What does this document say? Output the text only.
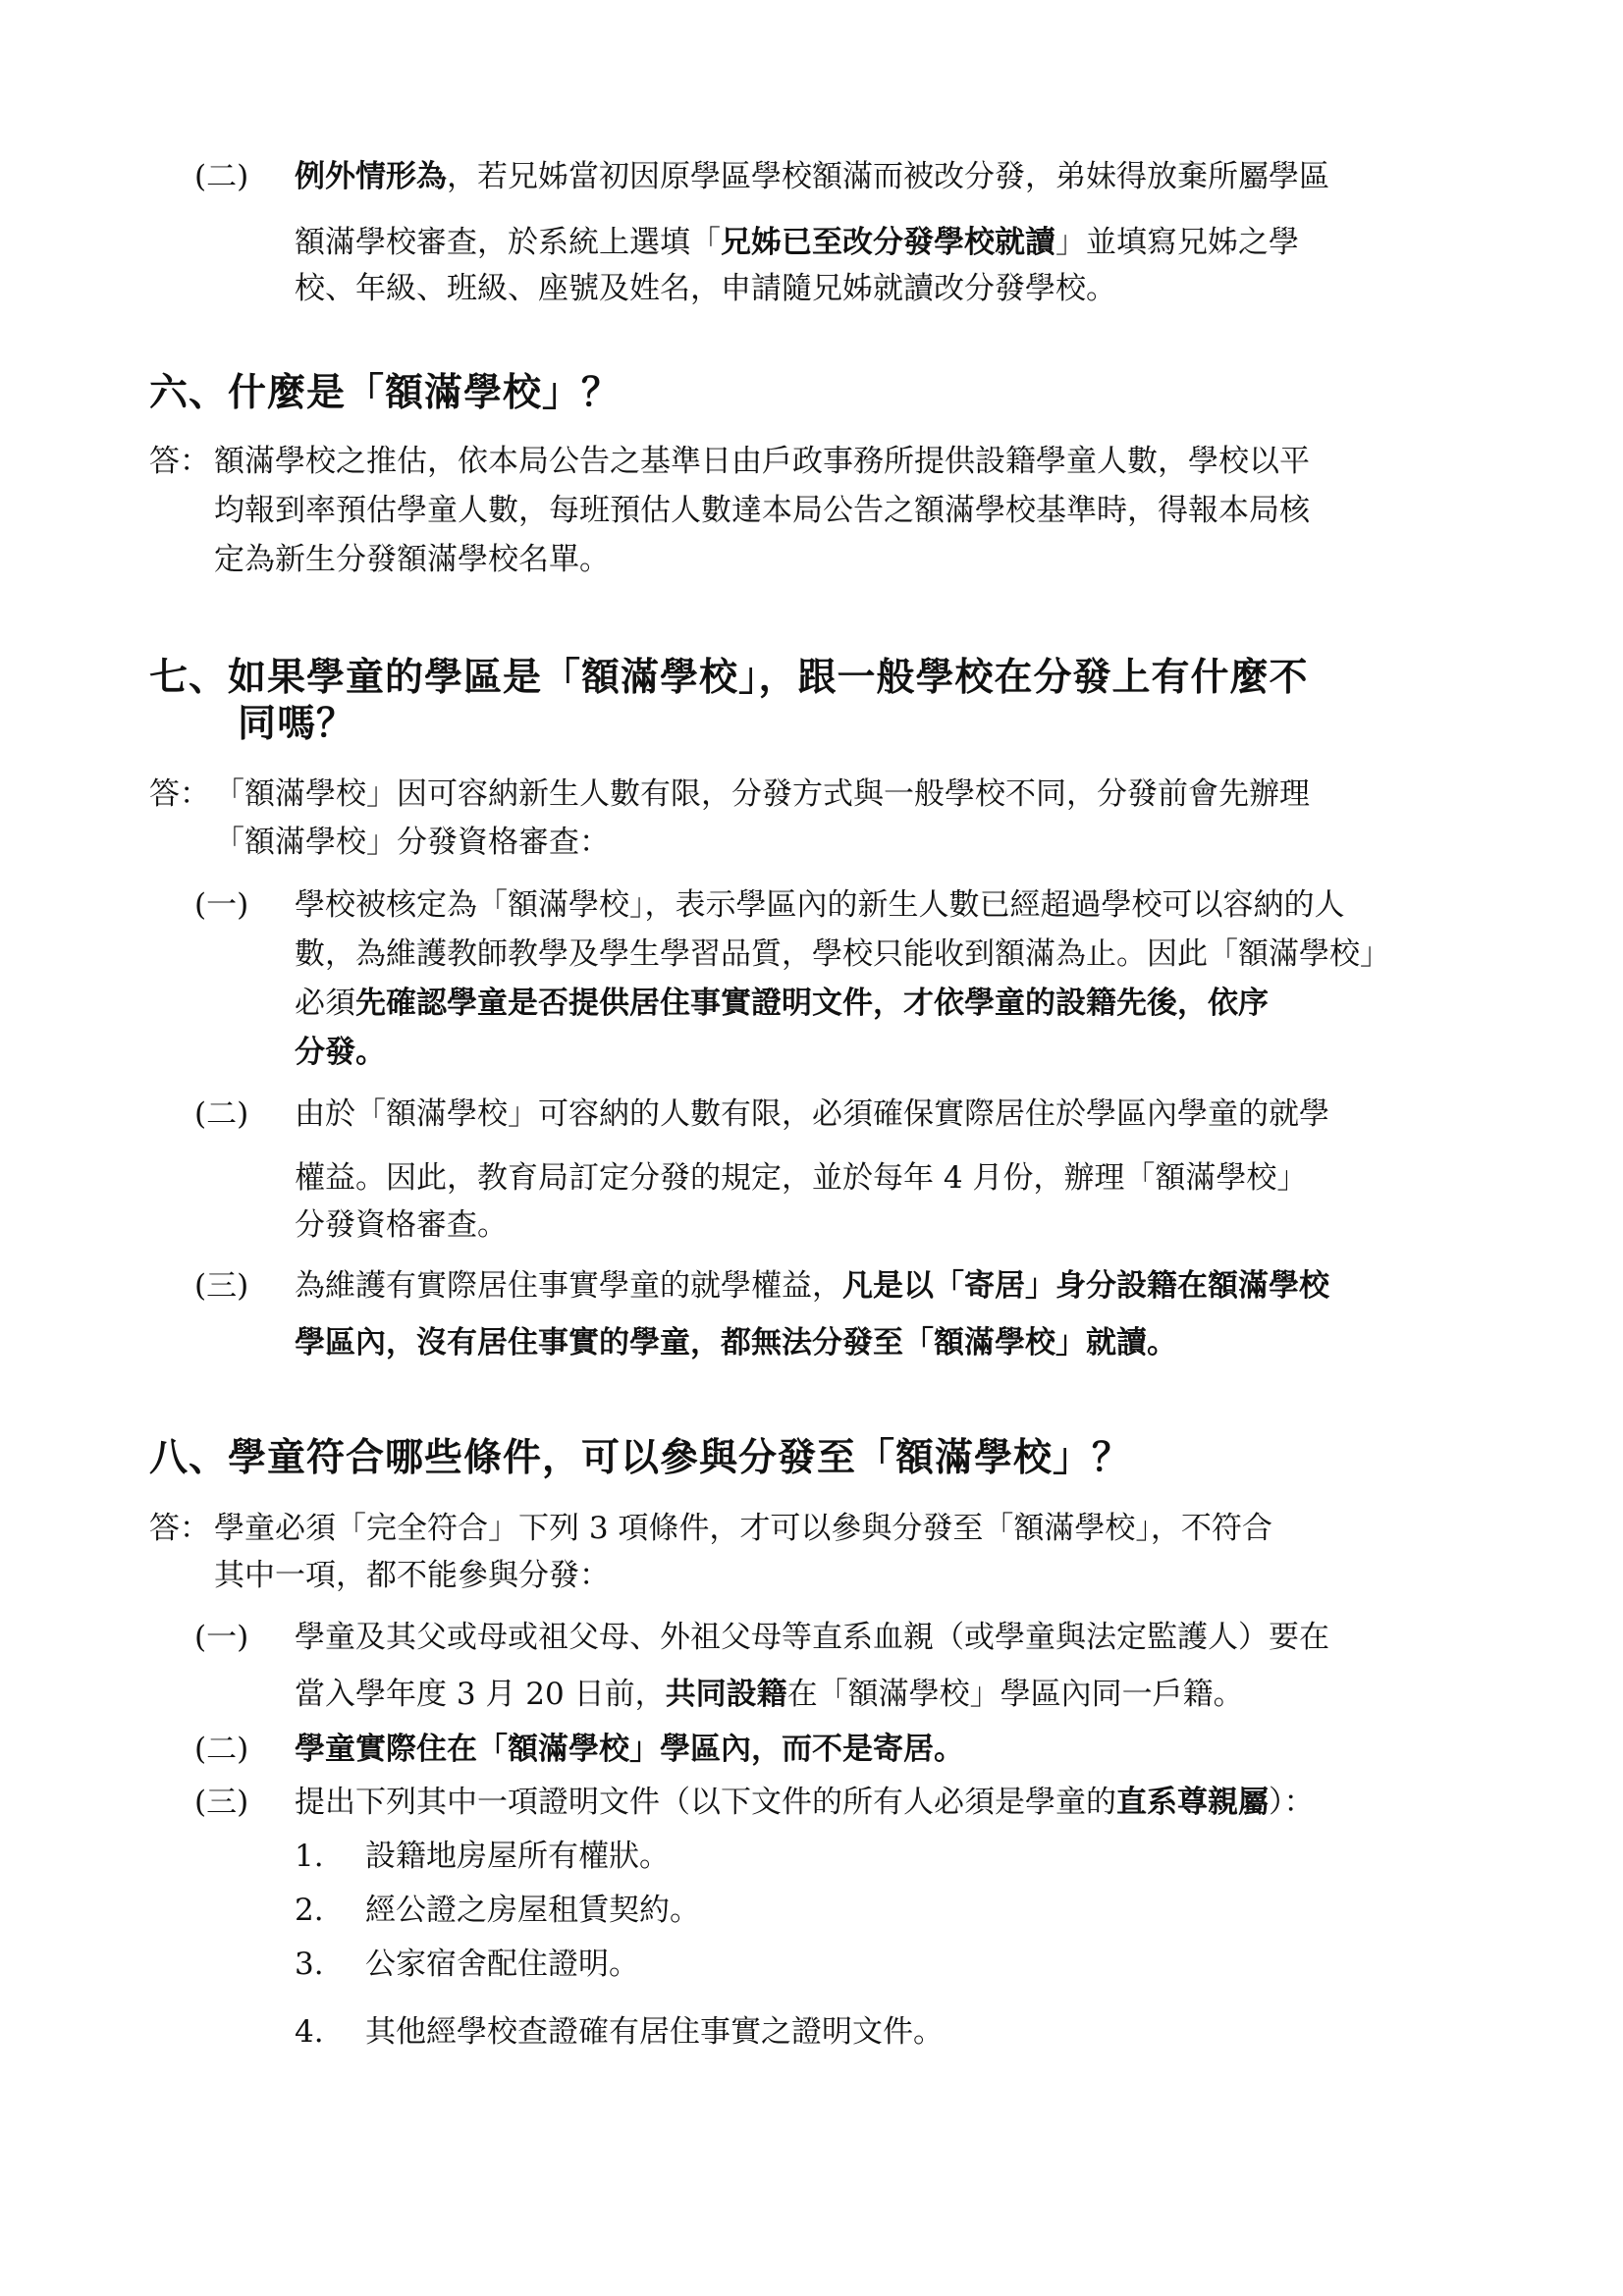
(二) 例外情形為，若兄姊當初因原學區學校額滿而被改分發，弟妹得放棄所屬學區
額滿學校審查，於系統上選填「兄姊已至改分發學校就讀」並填寫兄姊之學
校、年級、班級、座號及姓名，申請隨兄姊就讀改分發學校。
六、什麼是「額滿學校」？
答： 額滿學校之推估，依本局公告之基準日由戶政事務所提供設籍學童人數，學校以平
均報到率預估學童人數，每班預估人數達本局公告之額滿學校基準時，得報本局核
定為新生分發額滿學校名單。
七、如果學童的學區是「額滿學校」，跟一般學校在分發上有什麼不
同嗎？
答： 「額滿學校」因可容納新生人數有限，分發方式與一般學校不同，分發前會先辦理
「額滿學校」分發資格審查：
(一) 學校被核定為「額滿學校」，表示學區內的新生人數已經超過學校可以容納的人
數，為維護教師教學及學生學習品質，學校只能收到額滿為止。因此「額滿學校」
必須先確認學童是否提供居住事實證明文件，才依學童的設籍先後，依序
分發。
(二) 由於「額滿學校」可容納的人數有限，必須確保實際居住於學區內學童的就學
權益。因此，教育局訂定分發的規定，並於每年 4 月份，辦理「額滿學校」
分發資格審查。
(三) 為維護有實際居住事實學童的就學權益，凡是以「寄居」身分設籍在額滿學校
學區內，沒有居住事實的學童，都無法分發至「額滿學校」就讀。
八、學童符合哪些條件，可以參與分發至「額滿學校」？
答： 學童必須「完全符合」下列 3 項條件，才可以參與分發至「額滿學校」，不符合
其中一項，都不能參與分發：
(一) 學童及其父或母或祖父母、外祖父母等直系血親（或學童與法定監護人）要在
當入學年度 3 月 20 日前，共同設籍在「額滿學校」學區內同一戶籍。
(二) 學童實際住在「額滿學校」學區內，而不是寄居。
(三) 提出下列其中一項證明文件（以下文件的所有人必須是學童的直系尊親屬）：
1. 設籍地房屋所有權狀。
2. 經公證之房屋租賃契約。
3. 公家宿舍配住證明。
4. 其他經學校查證確有居住事實之證明文件。
